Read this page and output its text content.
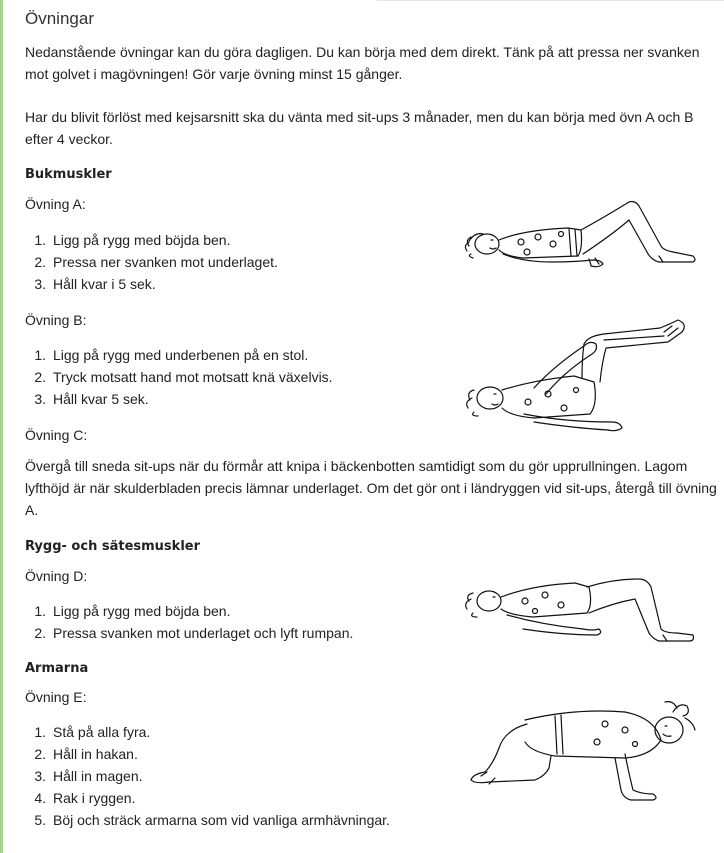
Övningar
Nedanstående övningar kan du göra dagligen. Du kan börja med dem direkt. Tänk på att pressa ner svanken
mot golvet i magövningen! Gör varje övning minst 15 gånger.
Har du blivit förlöst med kejsarsnitt ska du vänta med sit-ups 3 månader, men du kan börja med övn A och B
efter 4 veckor.
Bukmuskler
Övning A:
1. Ligg på rygg med böjda ben.
2. Pressa ner svanken mot underlaget.
3. Håll kvar i 5 sek.
Övning B:
1. Ligg på rygg med underbenen på en stol.
2. Tryck motsatt hand mot motsatt knä växelvis.
3. Håll kvar 5 sek.
Övning C:
Övergå till sneda sit-ups när du förmår att knipa i bäckenbotten samtidigt som du gör upprullningen. Lagom
lyfthöjd är när skulderbladen precis lämnar underlaget. Om det gör ont i ländryggen vid sit-ups, återgå till övning
A.
Rygg- och sätesmuskler
Övning D:
1. Ligg på rygg med böjda ben.
2. Pressa svanken mot underlaget och lyft rumpan.
Armarna
Övning E:
1. Stå på alla fyra.
2. Håll in hakan.
3. Håll in magen.
4. Rak i ryggen.
5. Böj och sträck armarna som vid vanliga armhävningar.
